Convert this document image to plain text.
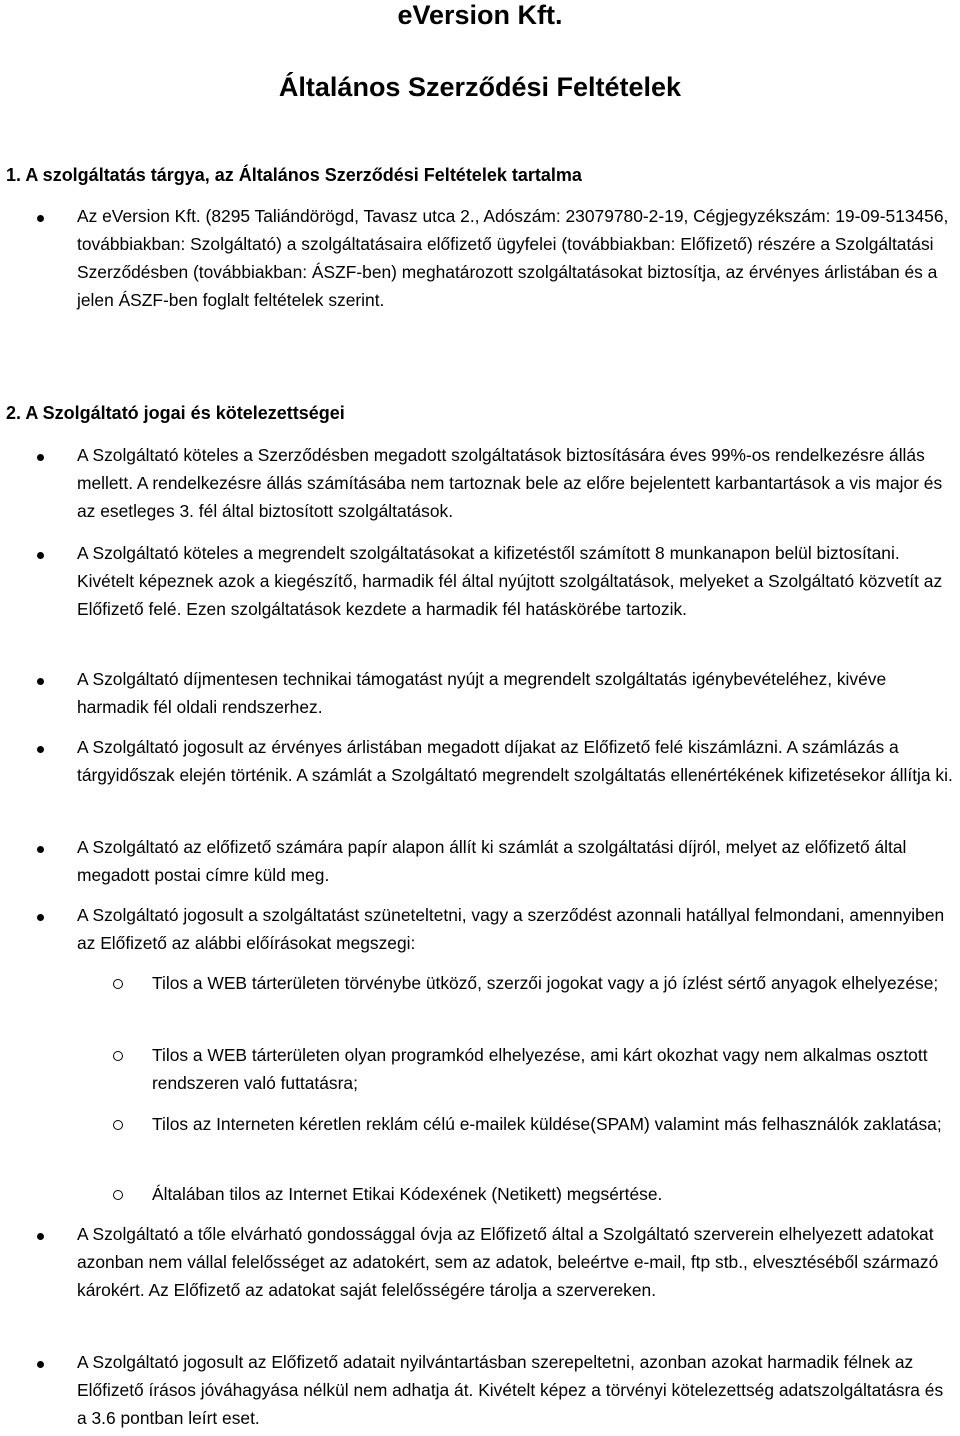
eVersion Kft.
Általános Szerződési Feltételek
1. A szolgáltatás tárgya, az Általános Szerződési Feltételek tartalma

Az eVersion Kft. (8295 Taliándörögd, Tavasz utca 2., Adószám: 23079780-2-19, Cégjegyzékszám: 19-09-513456, továbbiakban: Szolgáltató) a szolgáltatásaira előfizető ügyfelei (továbbiakban: Előfizető) részére a Szolgáltatási Szerződésben (továbbiakban: ÁSZF-ben) meghatározott szolgáltatásokat biztosítja, az érvényes árlistában és a jelen ÁSZF-ben foglalt feltételek szerint.

2. A Szolgáltató jogai és kötelezettségei

A Szolgáltató köteles a Szerződésben megadott szolgáltatások biztosítására éves 99%-os rendelkezésre állás mellett. A rendelkezésre állás számításába nem tartoznak bele az előre bejelentett karbantartások a vis major és az esetleges 3. fél által biztosított szolgáltatások.

A Szolgáltató köteles a megrendelt szolgáltatásokat a kifizetéstől számított 8 munkanapon belül biztosítani. Kivételt képeznek azok a kiegészítő, harmadik fél által nyújtott szolgáltatások, melyeket a Szolgáltató közvetít az Előfizető felé. Ezen szolgáltatások kezdete a harmadik fél hatáskörébe tartozik.

A Szolgáltató díjmentesen technikai támogatást nyújt a megrendelt szolgáltatás igénybevételéhez, kivéve harmadik fél oldali rendszerhez.

A Szolgáltató jogosult az érvényes árlistában megadott díjakat az Előfizető felé kiszámlázni. A számlázás a tárgyidőszak elején történik. A számlát a Szolgáltató megrendelt szolgáltatás ellenértékének kifizetésekor állítja ki.

A Szolgáltató az előfizető számára papír alapon állít ki számlát a szolgáltatási díjról, melyet az előfizető által megadott postai címre küld meg.

A Szolgáltató jogosult a szolgáltatást szüneteltetni, vagy a szerződést azonnali hatállyal felmondani, amennyiben az Előfizető az alábbi előírásokat megszegi:

Tilos a WEB tárterületen törvénybe ütköző, szerzői jogokat vagy a jó ízlést sértő anyagok elhelyezése;

Tilos a WEB tárterületen olyan programkód elhelyezése, ami kárt okozhat vagy nem alkalmas osztott rendszeren való futtatásra;

Tilos az Interneten kéretlen reklám célú e-mailek küldése(SPAM) valamint más felhasználók zaklatása;

Általában tilos az Internet Etikai Kódexének (Netikett) megsértése.

A Szolgáltató a tőle elvárható gondossággal óvja az Előfizető által a Szolgáltató szerverein elhelyezett adatokat azonban nem vállal felelősséget az adatokért, sem az adatok, beleértve e-mail, ftp stb., elvesztéséből származó károkért. Az Előfizető az adatokat saját felelősségére tárolja a szervereken.

A Szolgáltató jogosult az Előfizető adatait nyilvántartásban szerepeltetni, azonban azokat harmadik félnek az Előfizető írásos jóváhagyása nélkül nem adhatja át. Kivételt képez a törvényi kötelezettség adatszolgáltatásra és a 3.6 pontban leírt eset.
